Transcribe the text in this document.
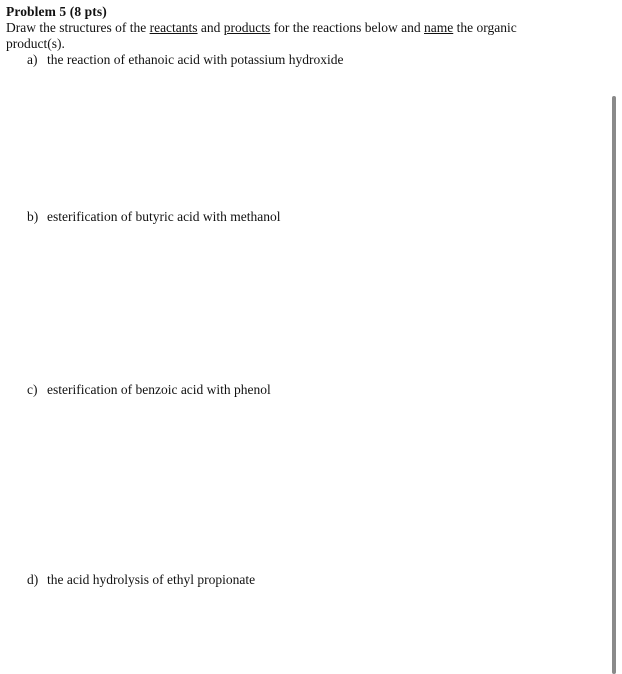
Problem 5 (8 pts)
Draw the structures of the reactants and products for the reactions below and name the organic product(s).
a) the reaction of ethanoic acid with potassium hydroxide
b) esterification of butyric acid with methanol
c) esterification of benzoic acid with phenol
d) the acid hydrolysis of ethyl propionate
